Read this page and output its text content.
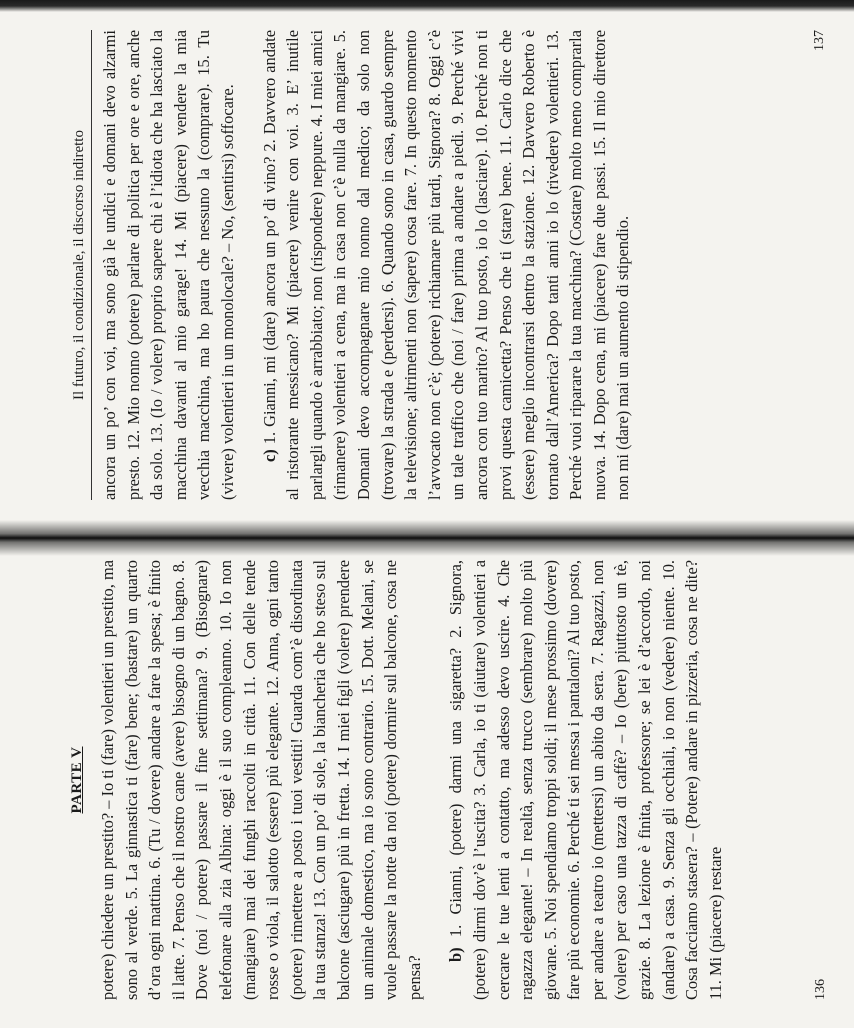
Il futuro, il condizionale, il discorso indiretto ancora un po’ con voi, ma sono già le undici e domani devo alzarmi presto. 12. Mio nonno (potere) parlare di politica per ore e ore, anche da solo. 13. (Io / volere) proprio sapere chi è l’idiota che ha lasciato la macchina davanti al mio garage! 14. Mi (piacere) vendere la mia vecchia macchina, ma ho paura che nessuno la (comprare). 15. Tu (vivere) volentieri in un monolocale? – No, (sentirsi) soffocare. c) 1. Gianni, mi (dare) ancora un po’ di vino? 2. Davvero andate al ristorante messicano? Mi (piacere) venire con voi. 3. E’ inutile parlargli quando è arrabbiato; non (rispondere) neppure. 4. I miei amici (rimanere) volentieri a cena, ma in casa non c’è nulla da mangiare. 5. Domani devo accompagnare mio nonno dal medico; da solo non (trovare) la strada e (perdersi). 6. Quando sono in casa, guardo sempre la televisione; altrimenti non (sapere) cosa fare. 7. In questo momento l’avvocato non c’è; (potere) richiamare più tardi, Signora? 8. Oggi c’è un tale traffico che (noi / fare) prima a andare a piedi. 9. Perché vivi ancora con tuo marito? Al tuo posto, io lo (lasciare). 10. Perché non ti provi questa camicetta? Penso che ti (stare) bene. 11. Carlo dice che (essere) meglio incontrarsi dentro la stazione. 12. Davvero Roberto è tornato dall’America? Dopo tanti anni io lo (rivedere) volentieri. 13. Perché vuoi riparare la tua macchina? (Costare) molto meno comprarla nuova. 14. Dopo cena, mi (piacere) fare due passi. 15. Il mio direttore non mi (dare) mai un aumento di stipendio.

137
PARTE V potere) chiedere un prestito? – Io ti (fare) volentieri un prestito, ma sono al verde. 5. La ginnastica ti (fare) bene; (bastare) un quarto d’ora ogni mattina. 6. (Tu / dovere) andare a fare la spesa; è finito il latte. 7. Penso che il nostro cane (avere) bisogno di un bagno. 8. Dove (noi / potere) passare il fine settimana? 9. (Bisognare) telefonare alla zia Albina: oggi è il suo compleanno. 10. Io non (mangiare) mai dei funghi raccolti in città. 11. Con delle tende rosse o viola, il salotto (essere) più elegante. 12. Anna, ogni tanto (potere) rimettere a posto i tuoi vestiti! Guarda com’è disordinata la tua stanza! 13. Con un po’ di sole, la biancheria che ho steso sul balcone (asciugare) più in fretta. 14. I miei figli (volere) prendere un animale domestico, ma io sono contrario. 15. Dott. Melani, se vuole passare la notte da noi (potere) dormire sul balcone, cosa ne pensa?

b) 1. Gianni, (potere) darmi una sigaretta? 2. Signora, (potere) dirmi dov’è l’uscita? 3. Carla, io ti (aiutare) volentieri a cercare le tue lenti a contatto, ma adesso devo uscire. 4. Che ragazza elegante! – In realtà, senza trucco (sembrare) molto più giovane. 5. Noi spendiamo troppi soldi; il mese prossimo (dovere) fare più economie. 6. Perché ti sei messa i pantaloni? Al tuo posto, per andare a teatro io (mettersi) un abito da sera. 7. Ragazzi, non (volere) per caso una tazza di caffè? – Io (bere) piuttosto un tè, grazie. 8. La lezione è finita, professore; se lei è d’accordo, noi (andare) a casa. 9. Senza gli occhiali, io non (vedere) niente. 10. Cosa facciamo stasera? – (Potere) andare in pizzeria, cosa ne dite? 11. Mi (piacere) restare	136
